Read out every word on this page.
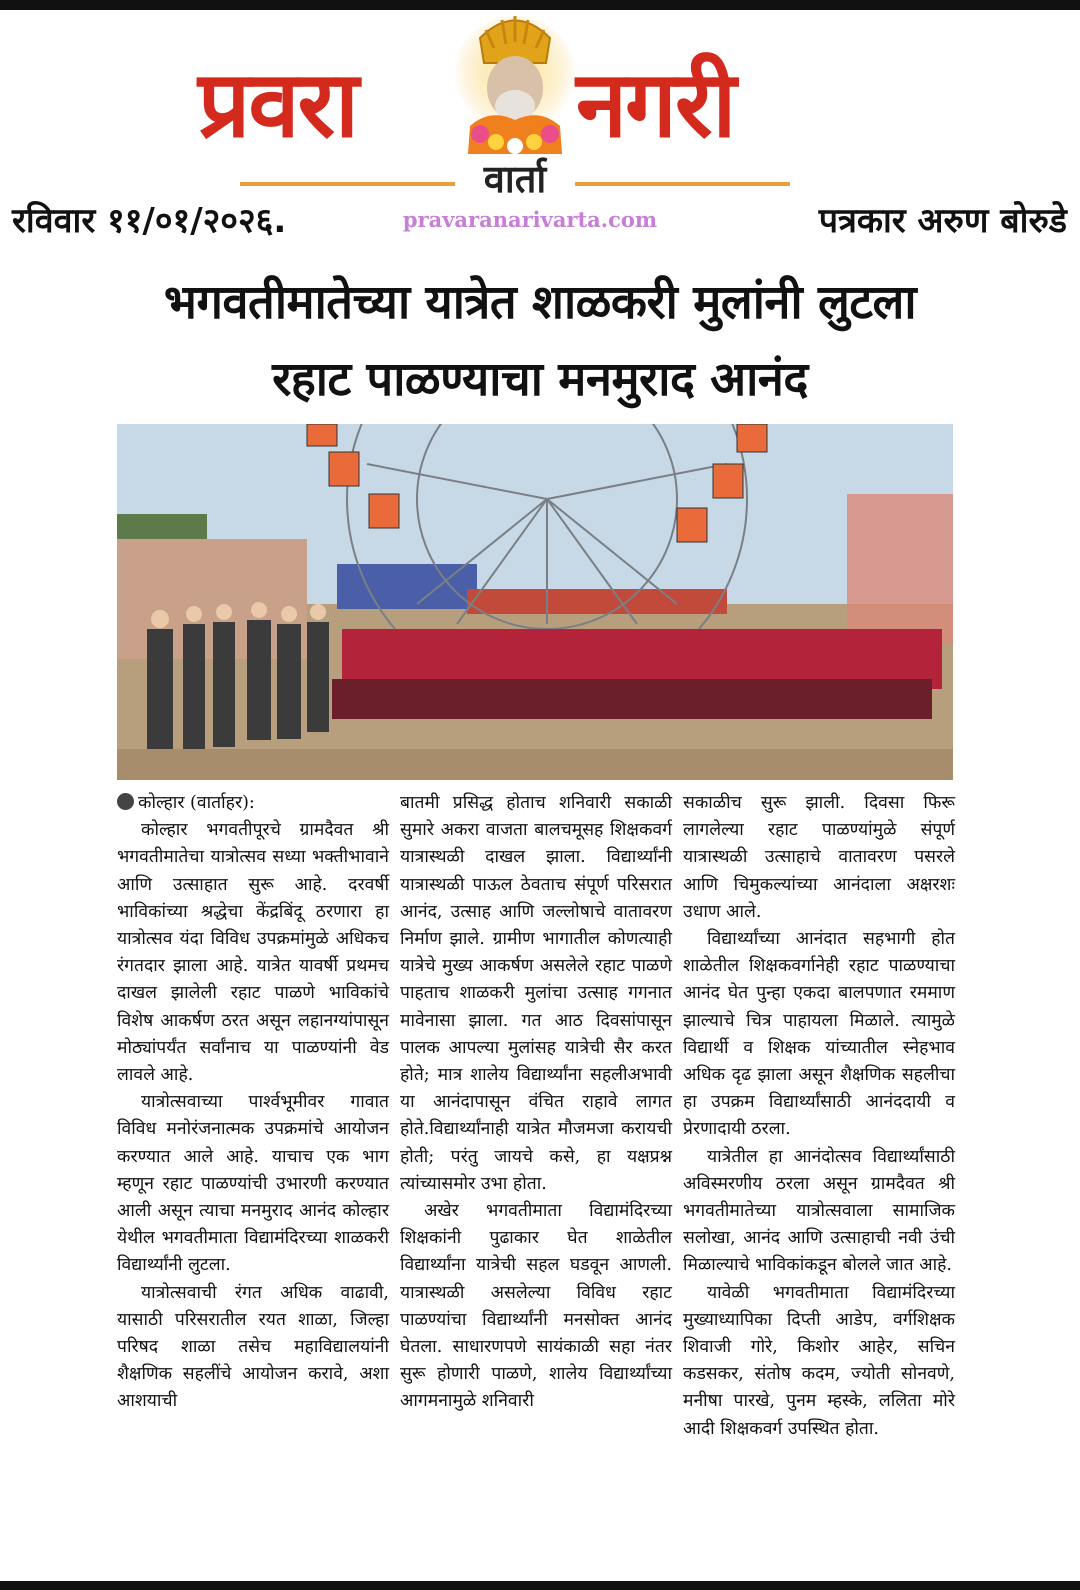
प्रवरा	नगरी
वार्ता
रविवार ११/०१/२०२६.	pravaranarivarta.com	पत्रकार अरुण बोरुडे
भगवतीमातेच्या यात्रेत शाळकरी मुलांनी लुटला
रहाट पाळण्याचा मनमुराद आनंद

कोल्हार (वार्ताहर):

कोल्हार भगवतीपूरचे ग्रामदैवत श्री भगवतीमातेचा यात्रोत्सव सध्या भक्तीभावाने आणि उत्साहात सुरू आहे. दरवर्षी भाविकांच्या श्रद्धेचा केंद्रबिंदू ठरणारा हा यात्रोत्सव यंदा विविध उपक्रमांमुळे अधिकच रंगतदार झाला आहे. यात्रेत यावर्षी प्रथमच दाखल झालेली रहाट पाळणे भाविकांचे विशेष आकर्षण ठरत असून लहानग्यांपासून मोठ्यांपर्यंत सर्वांनाच या पाळण्यांनी वेड लावले आहे.

यात्रोत्सवाच्या पार्श्वभूमीवर गावात विविध मनोरंजनात्मक उपक्रमांचे आयोजन करण्यात आले आहे. याचाच एक भाग म्हणून रहाट पाळण्यांची उभारणी करण्यात आली असून त्याचा मनमुराद आनंद कोल्हार येथील भगवतीमाता विद्यामंदिरच्या शाळकरी विद्यार्थ्यांनी लुटला.

यात्रोत्सवाची रंगत अधिक वाढावी, यासाठी परिसरातील रयत शाळा, जिल्हा परिषद शाळा तसेच महाविद्यालयांनी शैक्षणिक सहलींचे आयोजन करावे, अशा आशयाची

बातमी प्रसिद्ध होताच शनिवारी सकाळी सुमारे अकरा वाजता बालचमूसह शिक्षकवर्ग यात्रास्थळी दाखल झाला. विद्यार्थ्यांनी यात्रास्थळी पाऊल ठेवताच संपूर्ण परिसरात आनंद, उत्साह आणि जल्लोषाचे वातावरण निर्माण झाले. ग्रामीण भागातील कोणत्याही यात्रेचे मुख्य आकर्षण असलेले रहाट पाळणे पाहताच शाळकरी मुलांचा उत्साह गगनात मावेनासा झाला. गत आठ दिवसांपासून पालक आपल्या मुलांसह यात्रेची सैर करत होते; मात्र शालेय विद्यार्थ्यांना सहलीअभावी या आनंदापासून वंचित राहावे लागत होते.विद्यार्थ्यांनाही यात्रेत मौजमजा करायची होती; परंतु जायचे कसे, हा यक्षप्रश्न त्यांच्यासमोर उभा होता.

अखेर भगवतीमाता विद्यामंदिरच्या शिक्षकांनी पुढाकार घेत शाळेतील विद्यार्थ्यांना यात्रेची सहल घडवून आणली. यात्रास्थळी असलेल्या विविध रहाट पाळण्यांचा विद्यार्थ्यांनी मनसोक्त आनंद घेतला. साधारणपणे सायंकाळी सहा नंतर सुरू होणारी पाळणे, शालेय विद्यार्थ्यांच्या आगमनामुळे शनिवारी

सकाळीच सुरू झाली. दिवसा फिरू लागलेल्या रहाट पाळण्यांमुळे संपूर्ण यात्रास्थळी उत्साहाचे वातावरण पसरले आणि चिमुकल्यांच्या आनंदाला अक्षरशः उधाण आले.

विद्यार्थ्यांच्या आनंदात सहभागी होत शाळेतील शिक्षकवर्गानेही रहाट पाळण्याचा आनंद घेत पुन्हा एकदा बालपणात रममाण झाल्याचे चित्र पाहायला मिळाले. त्यामुळे विद्यार्थी व शिक्षक यांच्यातील स्नेहभाव अधिक दृढ झाला असून शैक्षणिक सहलीचा हा उपक्रम विद्यार्थ्यांसाठी आनंददायी व प्रेरणादायी ठरला.

यात्रेतील हा आनंदोत्सव विद्यार्थ्यांसाठी अविस्मरणीय ठरला असून ग्रामदैवत श्री भगवतीमातेच्या यात्रोत्सवाला सामाजिक सलोखा, आनंद आणि उत्साहाची नवी उंची मिळाल्याचे भाविकांकडून बोलले जात आहे.

यावेळी भगवतीमाता विद्यामंदिरच्या मुख्याध्यापिका दिप्ती आडेप, वर्गशिक्षक शिवाजी गोरे, किशोर आहेर, सचिन कडसकर, संतोष कदम, ज्योती सोनवणे, मनीषा पारखे, पुनम म्हस्के, ललिता मोरे आदी शिक्षकवर्ग उपस्थित होता.
